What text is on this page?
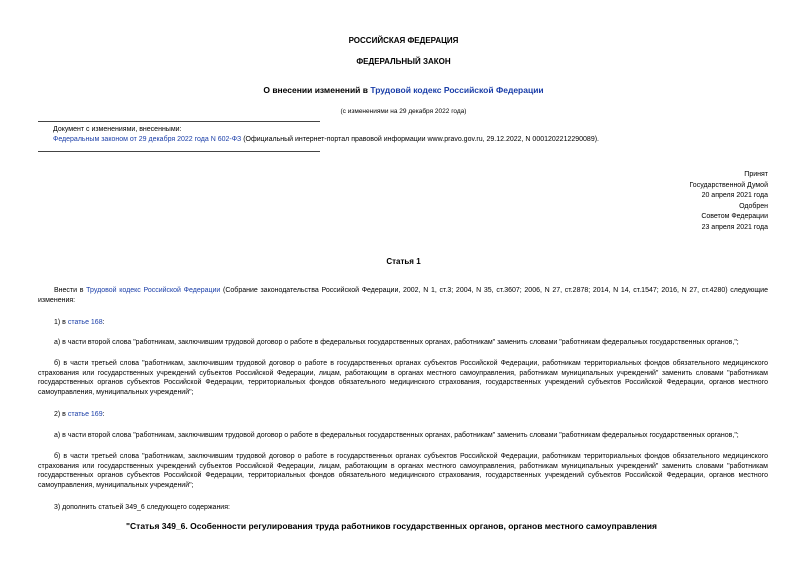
РОССИЙСКАЯ ФЕДЕРАЦИЯ
ФЕДЕРАЛЬНЫЙ ЗАКОН
О внесении изменений в Трудовой кодекс Российской Федерации
(с изменениями на 29 декабря 2022 года)
Документ с изменениями, внесенными:
Федеральным законом от 29 декабря 2022 года N 602-ФЗ (Официальный интернет-портал правовой информации www.pravo.gov.ru, 29.12.2022, N 0001202212290089).
Принят
Государственной Думой
20 апреля 2021 года
Одобрен
Советом Федерации
23 апреля 2021 года
Статья 1
Внести в Трудовой кодекс Российской Федерации (Собрание законодательства Российской Федерации, 2002, N 1, ст.3; 2004, N 35, ст.3607; 2006, N 27, ст.2878; 2014, N 14, ст.1547; 2016, N 27, ст.4280) следующие изменения:
1) в статье 168:
а) в части второй слова "работникам, заключившим трудовой договор о работе в федеральных государственных органах, работникам" заменить словами "работникам федеральных государственных органов,";
б) в части третьей слова "работникам, заключившим трудовой договор о работе в государственных органах субъектов Российской Федерации, работникам территориальных фондов обязательного медицинского страхования или государственных учреждений субъектов Российской Федерации, лицам, работающим в органах местного самоуправления, работникам муниципальных учреждений" заменить словами "работникам государственных органов субъектов Российской Федерации, территориальных фондов обязательного медицинского страхования, государственных учреждений субъектов Российской Федерации, органов местного самоуправления, муниципальных учреждений";
2) в статье 169:
а) в части второй слова "работникам, заключившим трудовой договор о работе в федеральных государственных органах, работникам" заменить словами "работникам федеральных государственных органов,";
б) в части третьей слова "работникам, заключившим трудовой договор о работе в государственных органах субъектов Российской Федерации, работникам территориальных фондов обязательного медицинского страхования или государственных учреждений субъектов Российской Федерации, лицам, работающим в органах местного самоуправления, работникам муниципальных учреждений" заменить словами "работникам государственных органов субъектов Российской Федерации, территориальных фондов обязательного медицинского страхования, государственных учреждений субъектов Российской Федерации, органов местного самоуправления, муниципальных учреждений";
3) дополнить статьей 349_6 следующего содержания:
"Статья 349_6. Особенности регулирования труда работников государственных органов, органов местного самоуправления
